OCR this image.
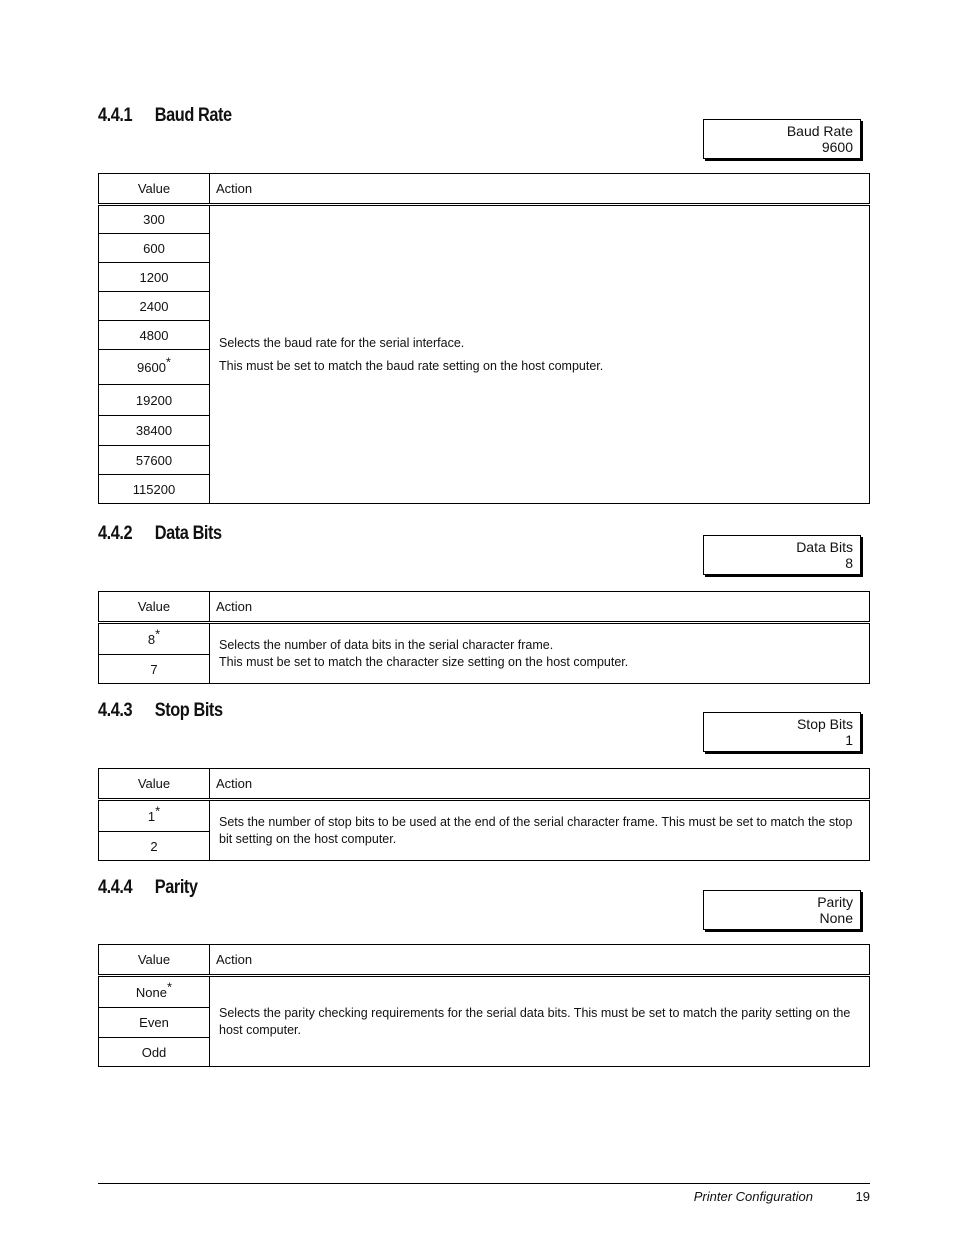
4.4.1 Baud Rate
Baud Rate
9600
Value	Action
300	Selects the baud rate for the serial interface.

This must be set to match the baud rate setting on the host computer.

600	
1200	
2400	
4800	
9600*
19200	
38400	
57600	
115200	
4.4.2 Data Bits
Data Bits
8
Value	Action
8*	Selects the number of data bits in the serial character frame.

This must be set to match the character size setting on the host computer.

7	
4.4.3 Stop Bits
Stop Bits
1
Value	Action
1*	Sets the number of stop bits to be used at the end of the serial character frame. This must be set to match the stop bit setting on the host computer.

2	
4.4.4 Parity
Parity
None
Value	Action
None*	Selects the parity checking requirements for the serial data bits. This must be set to match the parity setting on the host computer.

Even	
Odd	
Printer Configuration	19
